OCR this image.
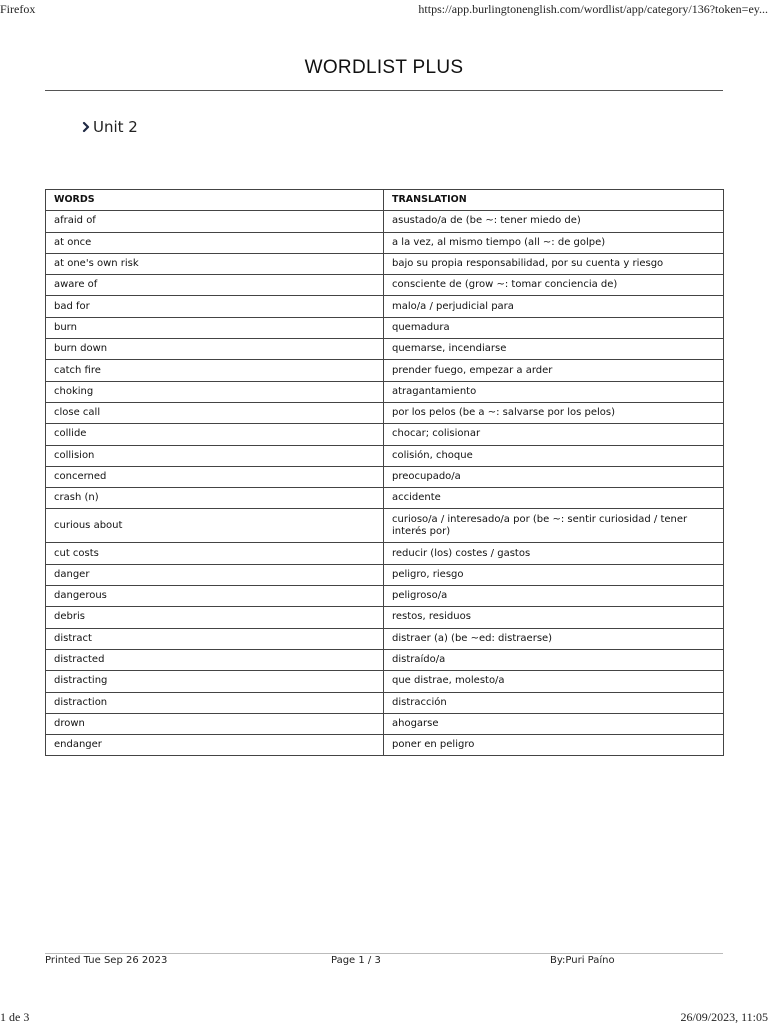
Firefox	https://app.burlingtonenglish.com/wordlist/app/category/136?token=ey...
WORDLIST PLUS
Unit 2
WORDS	TRANSLATION
afraid of	asustado/a de (be ~: tener miedo de)
at once	a la vez, al mismo tiempo (all ~: de golpe)
at one's own risk	bajo su propia responsabilidad, por su cuenta y riesgo
aware of	consciente de (grow ~: tomar conciencia de)
bad for	malo/a / perjudicial para
burn	quemadura
burn down	quemarse, incendiarse
catch fire	prender fuego, empezar a arder
choking	atragantamiento
close call	por los pelos (be a ~: salvarse por los pelos)
collide	chocar; colisionar
collision	colisión, choque
concerned	preocupado/a
crash (n)	accidente
curious about	curioso/a / interesado/a por (be ~: sentir curiosidad / tener interés por)
cut costs	reducir (los) costes / gastos
danger	peligro, riesgo
dangerous	peligroso/a
debris	restos, residuos
distract	distraer (a) (be ~ed: distraerse)
distracted	distraído/a
distracting	que distrae, molesto/a
distraction	distracción
drown	ahogarse
endanger	poner en peligro
Printed Tue Sep 26 2023	Page 1 / 3	By:Puri Paíno
1 de 3	26/09/2023, 11:05
